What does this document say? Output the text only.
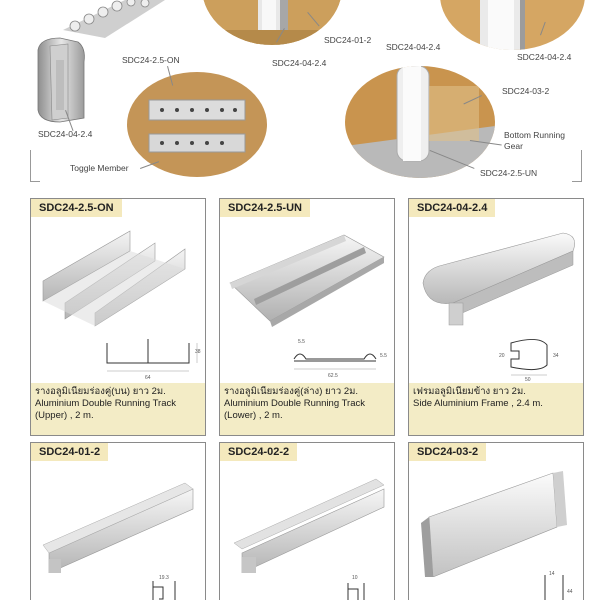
SDC24-01-2
SDC24-04-2.4
SDC24-04-2.4
SDC24-2.5-ON
SDC24-04-2.4
SDC24-04-2.4
Toggle Member
SDC24-03-2
Bottom Running
Gear
SDC24-2.5-UN
SDC24-2.5-ON
64
38
รางอลูมิเนียมร่องคู่(บน) ยาว 2ม.
Aluminium Double Running Track
(Upper) , 2 m.
SDC24-2.5-UN
5.5
62.5
5.5
รางอลูมิเนียมร่องคู่(ล่าง) ยาว 2ม.
Aluminium Double Running Track
(Lower) , 2 m.
SDC24-04-2.4
20	34
50
เฟรมอลูมิเนียมข้าง ยาว 2ม.
Side Aluminium Frame , 2.4 m.
SDC24-01-2
19.3
SDC24-02-2
10
SDC24-03-2
14
44
